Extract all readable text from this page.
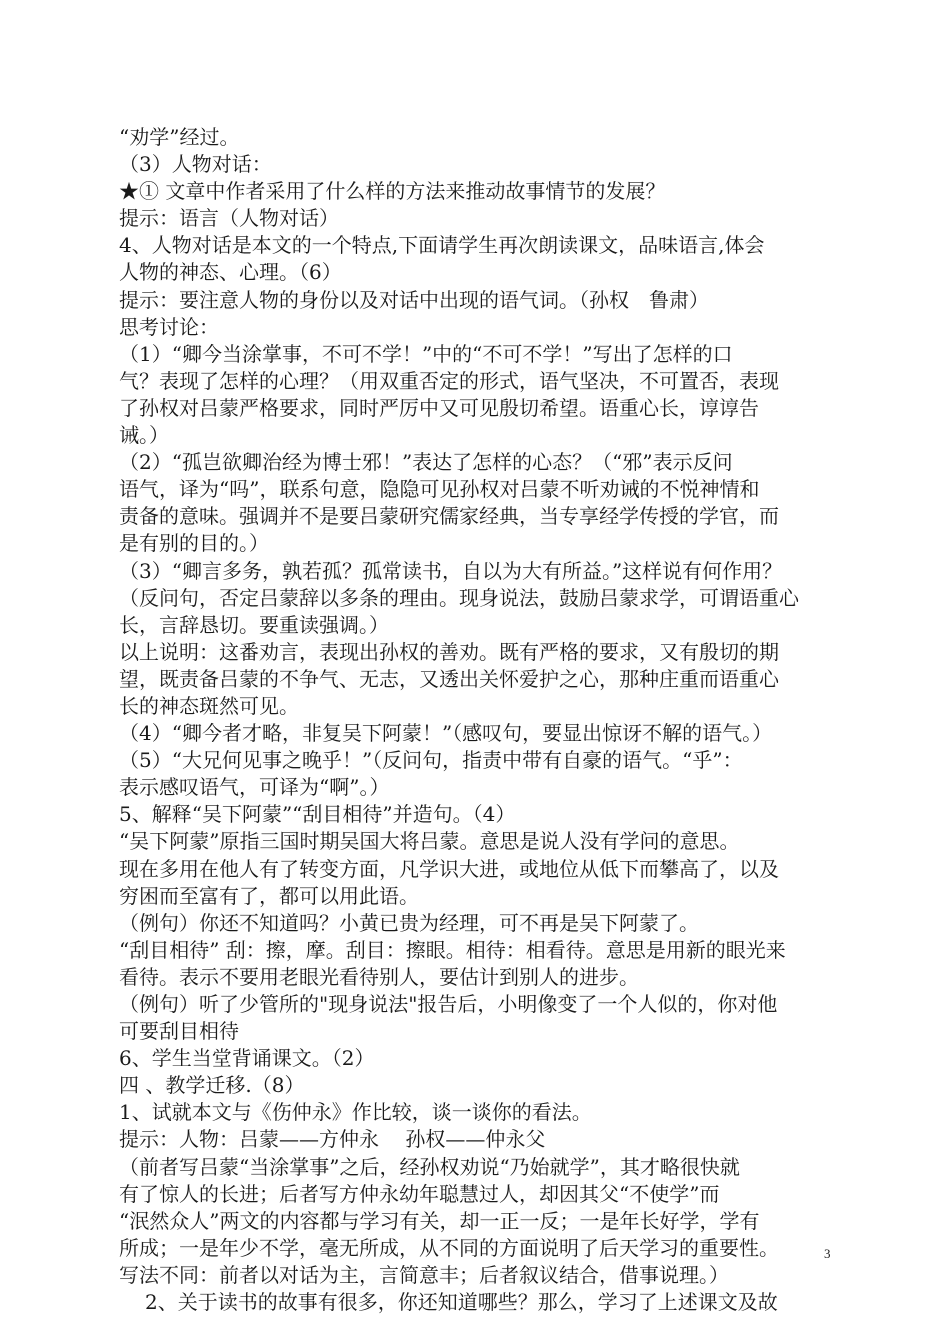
“劝学”经过。
（3）人物对话：
★① 文章中作者采用了什么样的方法来推动故事情节的发展？
提示：语言（人物对话）
4、人物对话是本文的一个特点,下面请学生再次朗读课文，品味语言,体会
人物的神态、心理。（6）
提示：要注意人物的身份以及对话中出现的语气词。（孙权　鲁肃）
思考讨论：
（1）“卿今当涂掌事，不可不学！”中的“不可不学！”写出了怎样的口
气？表现了怎样的心理？（用双重否定的形式，语气坚决，不可置否，表现
了孙权对吕蒙严格要求，同时严厉中又可见殷切希望。语重心长，谆谆告
诫。）
（2）“孤岂欲卿治经为博士邪！”表达了怎样的心态？（“邪”表示反问
语气，译为“吗”，联系句意，隐隐可见孙权对吕蒙不听劝诫的不悦神情和
责备的意味。强调并不是要吕蒙研究儒家经典，当专享经学传授的学官，而
是有别的目的。）
（3）“卿言多务，孰若孤？孤常读书，自以为大有所益。”这样说有何作用？
（反问句，否定吕蒙辞以多条的理由。现身说法，鼓励吕蒙求学，可谓语重心
长，言辞恳切。要重读强调。）
以上说明：这番劝言，表现出孙权的善劝。既有严格的要求，又有殷切的期
望，既责备吕蒙的不争气、无志，又透出关怀爱护之心，那种庄重而语重心
长的神态斑然可见。
（4）“卿今者才略，非复吴下阿蒙！”（感叹句，要显出惊讶不解的语气。）
（5）“大兄何见事之晚乎！”（反问句，指责中带有自豪的语气。“乎”：
表示感叹语气，可译为“啊”。）
5、解释“吴下阿蒙”“刮目相待”并造句。（4）
“吴下阿蒙”原指三国时期吴国大将吕蒙。意思是说人没有学问的意思。
现在多用在他人有了转变方面，凡学识大进，或地位从低下而攀高了，以及
穷困而至富有了，都可以用此语。
（例句）你还不知道吗？小黄已贵为经理，可不再是吴下阿蒙了。
“刮目相待” 刮：擦，摩。刮目：擦眼。相待：相看待。意思是用新的眼光来
看待。表示不要用老眼光看待别人，要估计到别人的进步。
（例句）听了少管所的"现身说法"报告后，小明像变了一个人似的，你对他
可要刮目相待
6、学生当堂背诵课文。（2）
四 、教学迁移.（8）
1、试就本文与《伤仲永》作比较，谈一谈你的看法。
提示：人物：吕蒙——方仲永　 孙权——仲永父
（前者写吕蒙“当涂掌事”之后，经孙权劝说“乃始就学”，其才略很快就
有了惊人的长进；后者写方仲永幼年聪慧过人，却因其父“不使学”而
“泯然众人”两文的内容都与学习有关，却一正一反；一是年长好学，学有
所成；一是年少不学，毫无所成，从不同的方面说明了后天学习的重要性。
写法不同：前者以对话为主，言简意丰；后者叙议结合，借事说理。）
2、关于读书的故事有很多，你还知道哪些？那么，学习了上述课文及故
3
